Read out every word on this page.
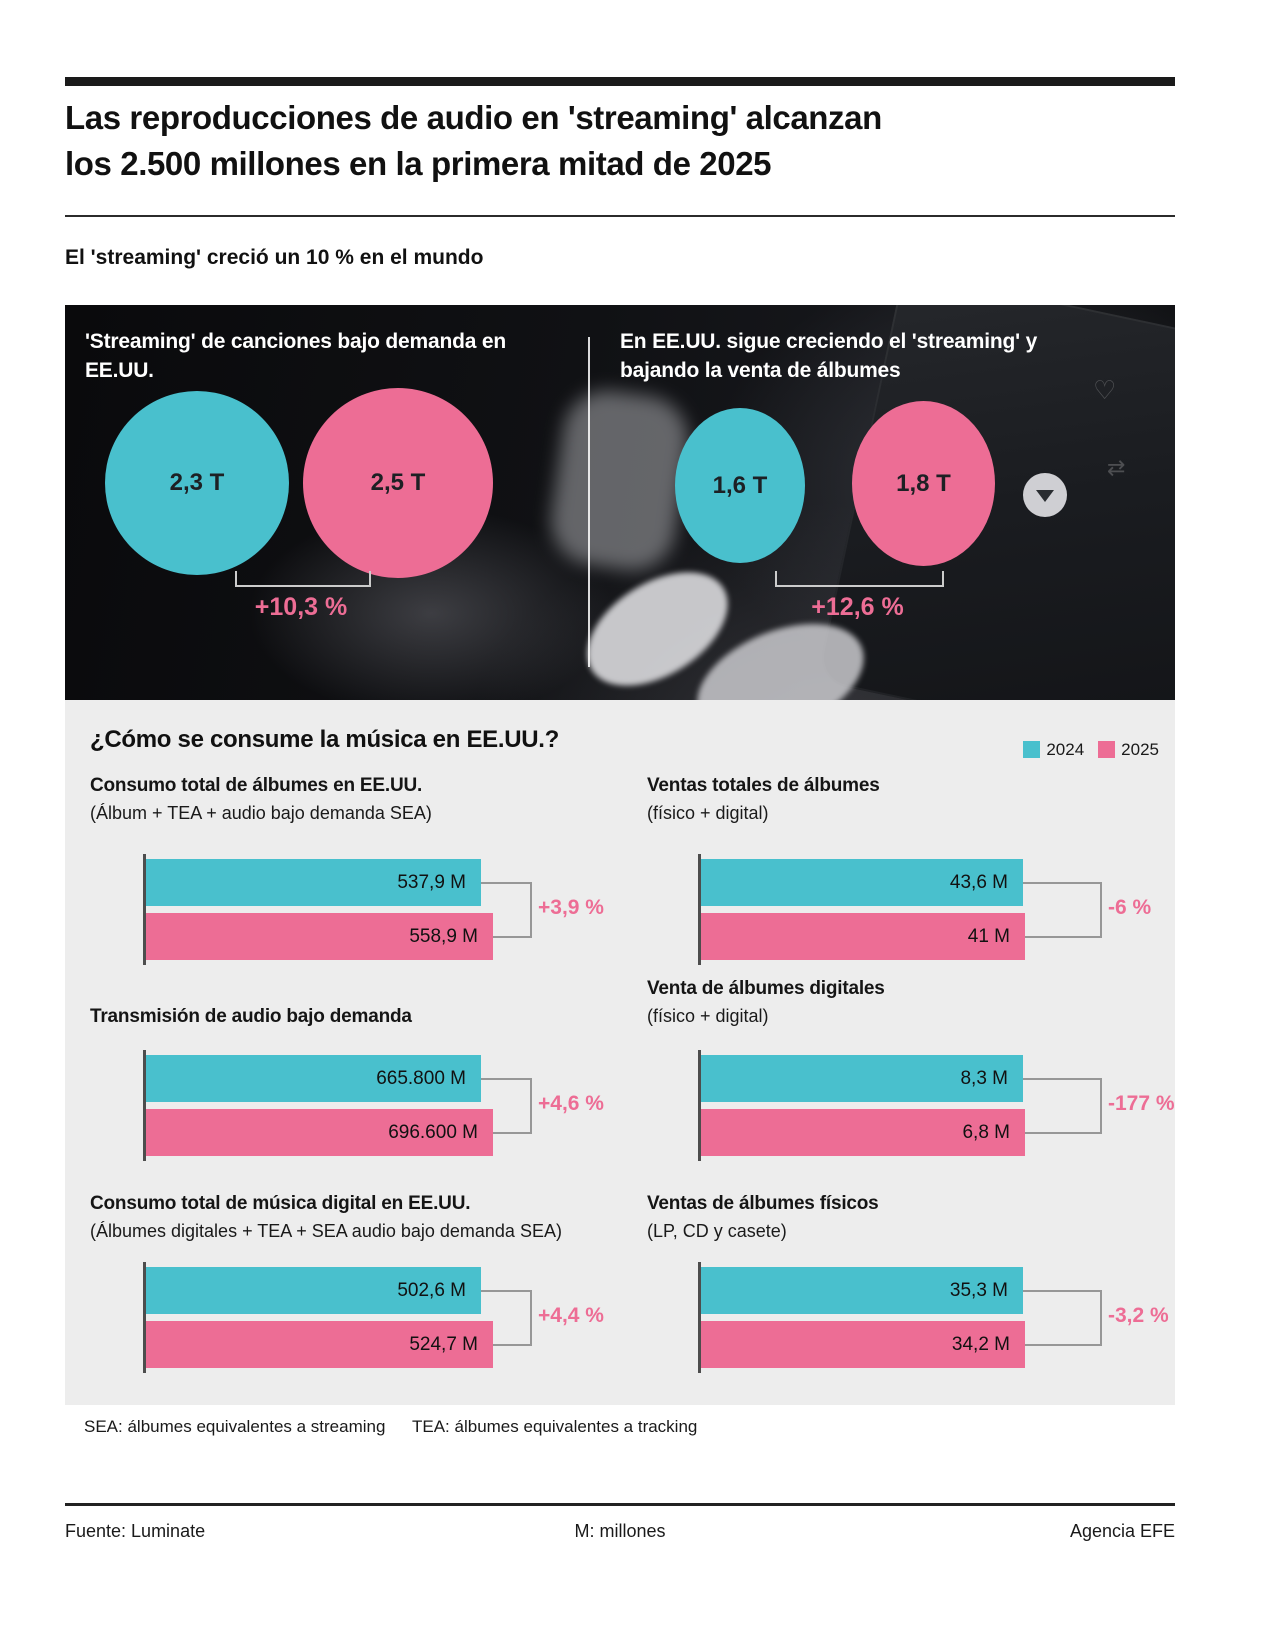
Las reproducciones de audio en 'streaming' alcanzan
los 2.500 millones en la primera mitad de 2025
El 'streaming' creció un 10 % en el mundo
♡
⇄
'Streaming' de canciones bajo demanda en EE.UU.
2,3 T	2,5 T
+10,3 %
En EE.UU. sigue creciendo el 'streaming' y
bajando la venta de álbumes
1,6 T	1,8 T
+12,6 %
¿Cómo se consume la música en EE.UU.?	2024	2025
Consumo total de álbumes en EE.UU.
(Álbum + TEA + audio bajo demanda SEA)
537,9 M
558,9 M
+3,9 %
Ventas totales de álbumes
(físico + digital)
43,6 M
41 M
-6 %
Transmisión de audio bajo demanda
665.800 M
696.600 M
+4,6 %
Venta de álbumes digitales
(físico + digital)
8,3 M
6,8 M
-177 %
Consumo total de música digital en EE.UU.
(Álbumes digitales + TEA + SEA audio bajo demanda SEA)
502,6 M
524,7 M
+4,4 %
Ventas de álbumes físicos
(LP, CD y casete)
35,3 M
34,2 M
-3,2 %
SEA: álbumes equivalentes a streaming TEA: álbumes equivalentes a tracking
Fuente: Luminate	M: millones	Agencia EFE
